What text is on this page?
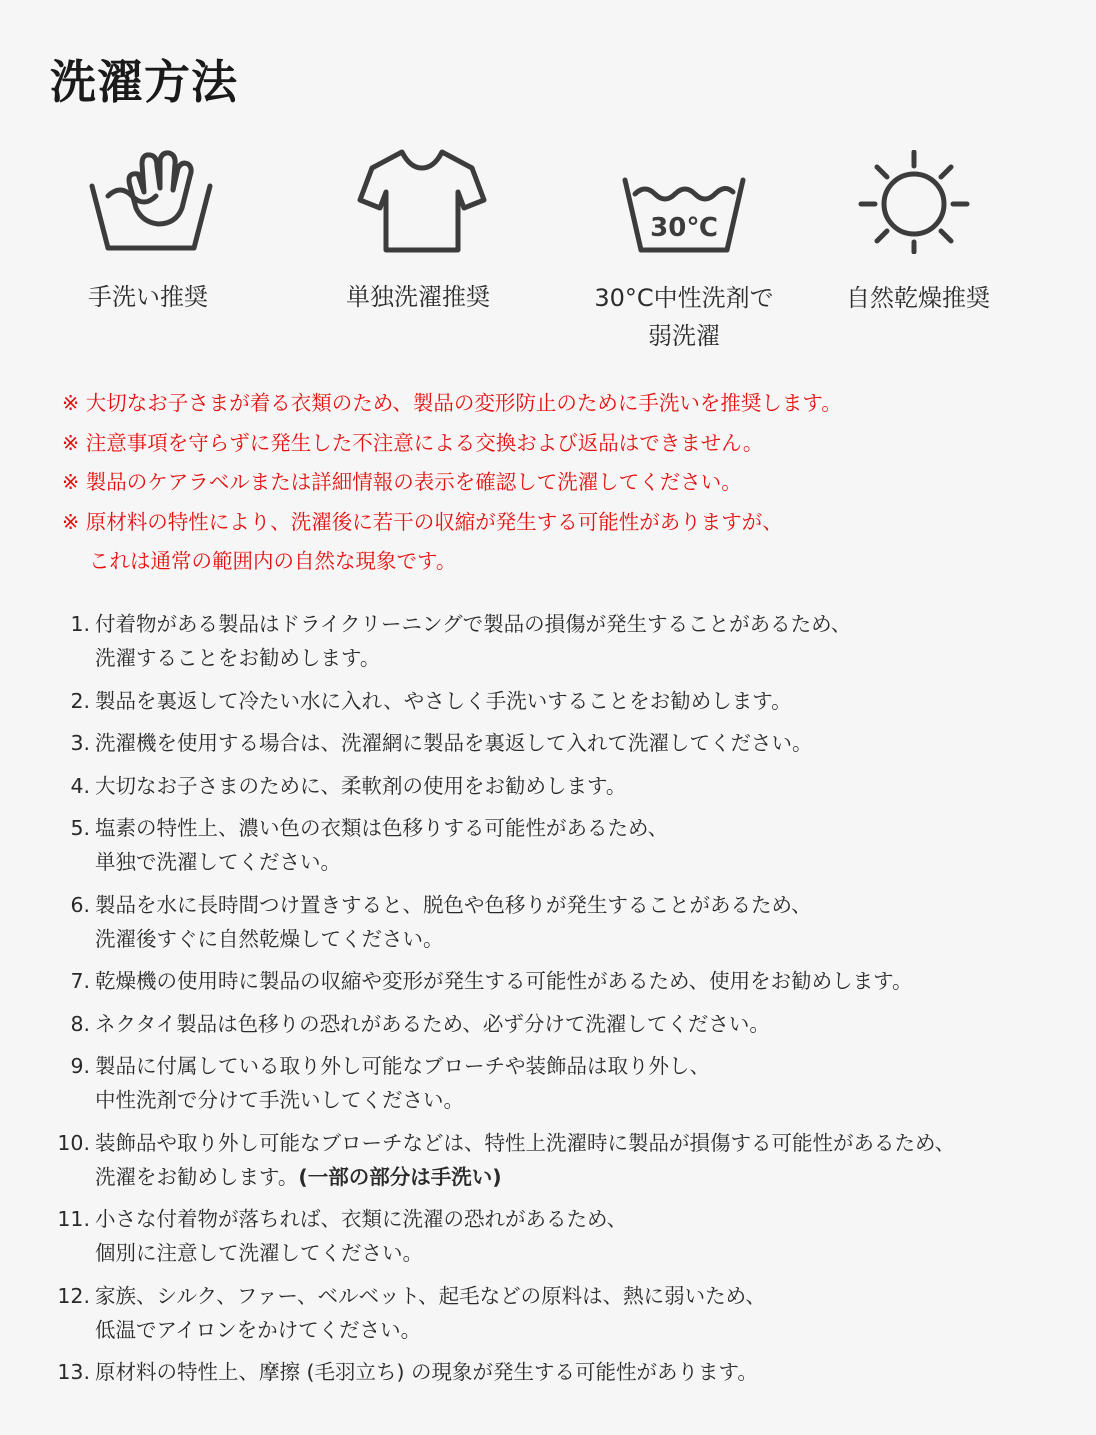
洗濯方法
30℃
手洗い推奨	単独洗濯推奨	30°C中性洗剤で
弱洗濯
自然乾燥推奨
※ 大切なお子さまが着る衣類のため、製品の変形防止のために手洗いを推奨します。
※ 注意事項を守らずに発生した不注意による交換および返品はできません。
※ 製品のケアラベルまたは詳細情報の表示を確認して洗濯してください。
※ 原材料の特性により、洗濯後に若干の収縮が発生する可能性がありますが、
これは通常の範囲内の自然な現象です。
1. 付着物がある製品はドライクリーニングで製品の損傷が発生することがあるため、
洗濯することをお勧めします。
2. 製品を裏返して冷たい水に入れ、やさしく手洗いすることをお勧めします。
3. 洗濯機を使用する場合は、洗濯網に製品を裏返して入れて洗濯してください。
4. 大切なお子さまのために、柔軟剤の使用をお勧めします。
5. 塩素の特性上、濃い色の衣類は色移りする可能性があるため、
単独で洗濯してください。
6. 製品を水に長時間つけ置きすると、脱色や色移りが発生することがあるため、
洗濯後すぐに自然乾燥してください。
7. 乾燥機の使用時に製品の収縮や変形が発生する可能性があるため、使用をお勧めします。
8. ネクタイ製品は色移りの恐れがあるため、必ず分けて洗濯してください。
9. 製品に付属している取り外し可能なブローチや装飾品は取り外し、
中性洗剤で分けて手洗いしてください。
10. 装飾品や取り外し可能なブローチなどは、特性上洗濯時に製品が損傷する可能性があるため、
洗濯をお勧めします。(一部の部分は手洗い)
11. 小さな付着物が落ちれば、衣類に洗濯の恐れがあるため、
個別に注意して洗濯してください。
12. 家族、シルク、ファー、ベルベット、起毛などの原料は、熱に弱いため、
低温でアイロンをかけてください。
13. 原材料の特性上、摩擦 (毛羽立ち) の現象が発生する可能性があります。
